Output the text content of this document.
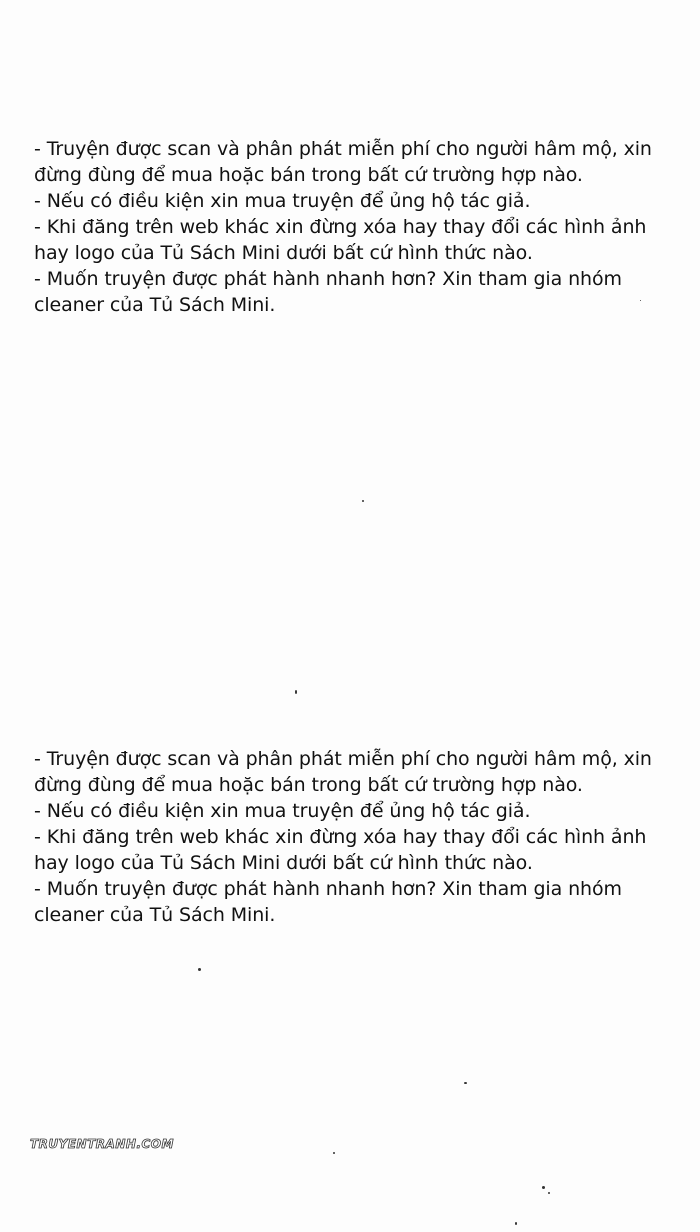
- Truyện được scan và phân phát miễn phí cho người hâm mộ, xin
đừng đùng để mua hoặc bán trong bất cứ trường hợp nào.
- Nếu có điều kiện xin mua truyện để ủng hộ tác giả.
- Khi đăng trên web khác xin đừng xóa hay thay đổi các hình ảnh
hay logo của Tủ Sách Mini dưới bất cứ hình thức nào.
- Muốn truyện được phát hành nhanh hơn? Xin tham gia nhóm
cleaner của Tủ Sách Mini.
- Truyện được scan và phân phát miễn phí cho người hâm mộ, xin
đừng đùng để mua hoặc bán trong bất cứ trường hợp nào.
- Nếu có điều kiện xin mua truyện để ủng hộ tác giả.
- Khi đăng trên web khác xin đừng xóa hay thay đổi các hình ảnh
hay logo của Tủ Sách Mini dưới bất cứ hình thức nào.
- Muốn truyện được phát hành nhanh hơn? Xin tham gia nhóm
cleaner của Tủ Sách Mini.
TRUYENTRANH.COM
